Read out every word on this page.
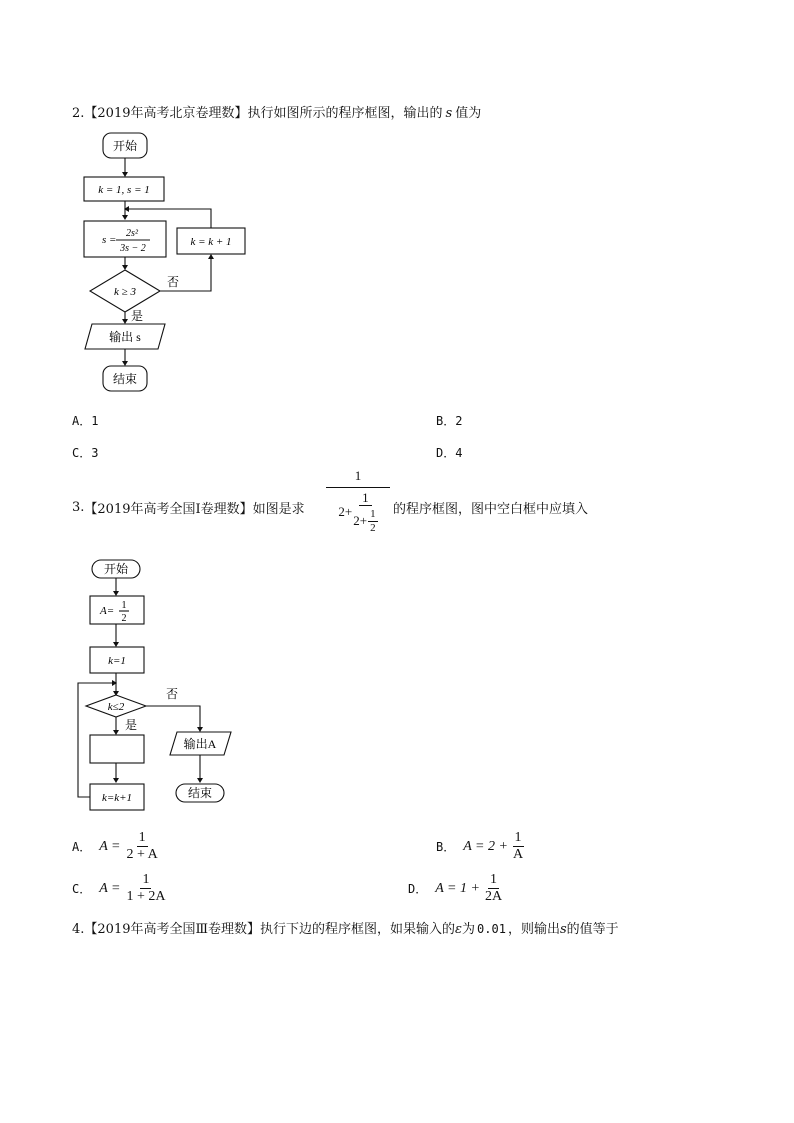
2.【2019年高考北京卷理数】执行如图所示的程序框图，输出的 s 值为
开始
k = 1, s = 1
s =
2s²
3s − 2
k = k + 1
k ≥ 3
否
是
输出 s
结束
A．1	B．2
C．3	D．4
3. 【2019年高考全国Ⅰ卷理数】 如图是求
1
$2+ \frac{1}{2+ \frac{1}{2}}$ 的程序框图，图中空白框中应填入
开始
A= 1
2
k=1
k≤2
否
是
k=k+1
输出A
结束
A． $A = \frac{1}{2 + A}$	B． $A = 2 + \frac{1}{A}$
C． $A = \frac{1}{1 + 2A}$	D． $A = 1 + \frac{1}{2A}$
4.【2019年高考全国Ⅲ卷理数】执行下边的程序框图，如果输入的ε为 0.01 ，则输出s的值等于
